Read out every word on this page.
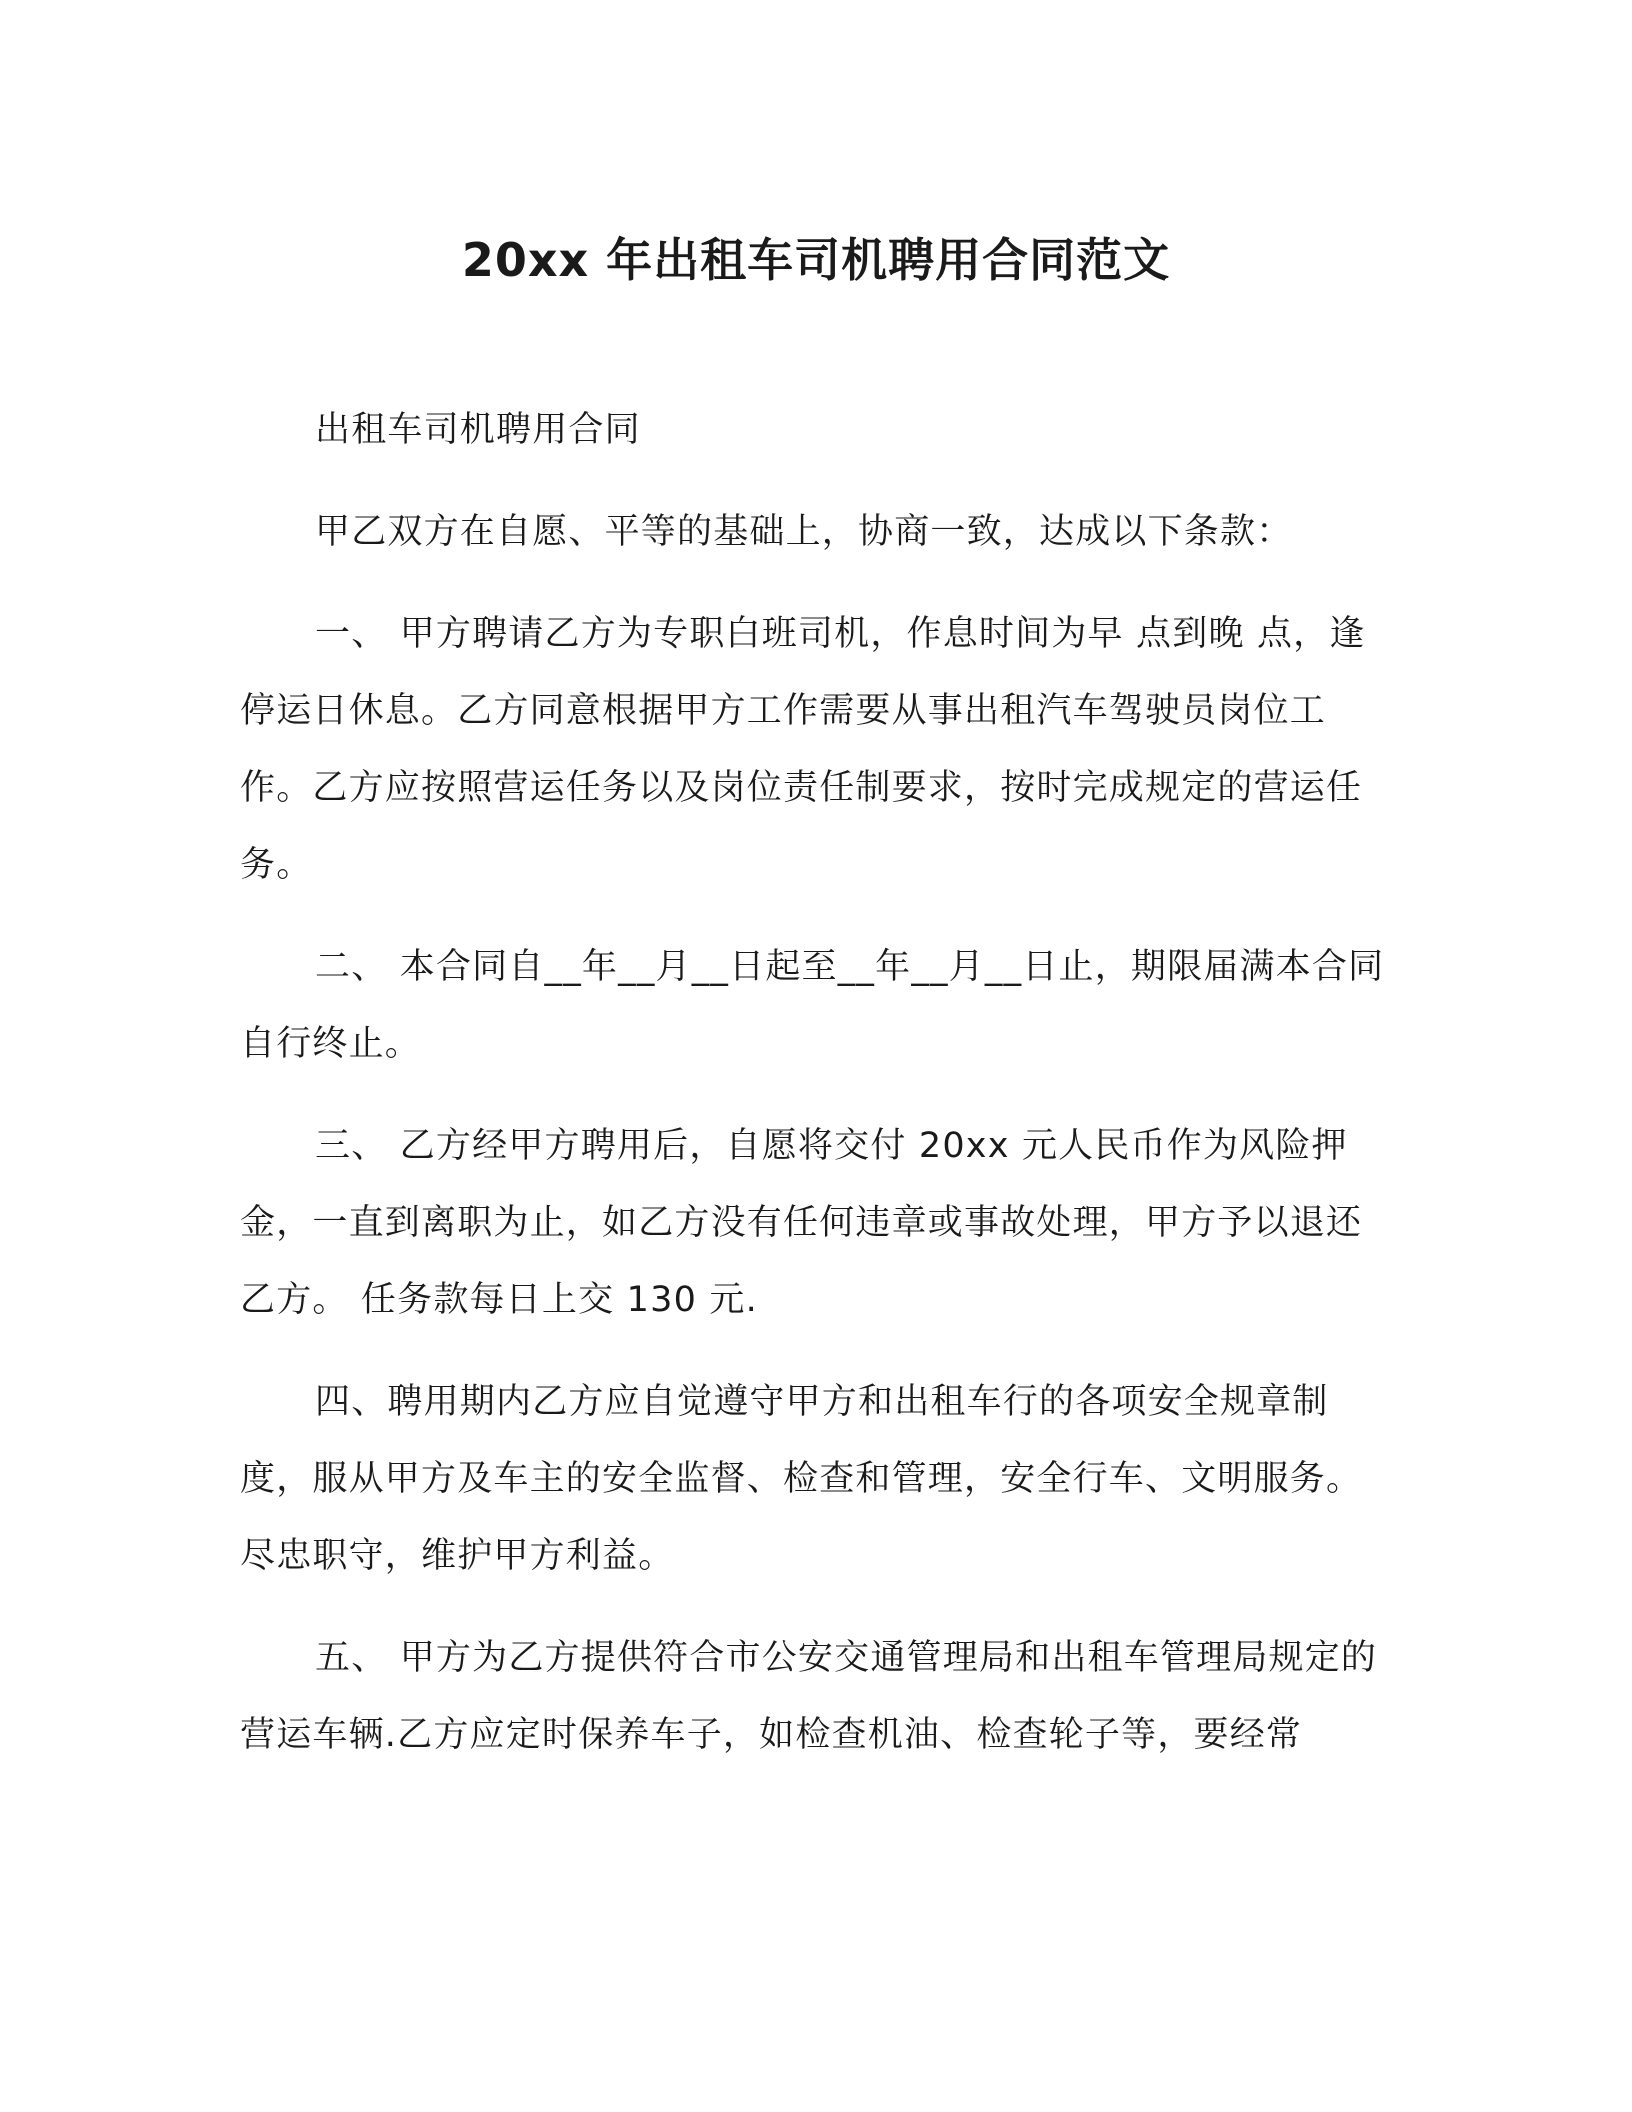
20xx 年出租车司机聘用合同范文

出租车司机聘用合同

甲乙双方在自愿、平等的基础上，协商一致，达成以下条款：

一、 甲方聘请乙方为专职白班司机，作息时间为早 点到晚 点，逢停运日休息。乙方同意根据甲方工作需要从事出租汽车驾驶员岗位工作。乙方应按照营运任务以及岗位责任制要求，按时完成规定的营运任务。

二、 本合同自__年__月__日起至__年__月__日止，期限届满本合同自行终止。

三、 乙方经甲方聘用后，自愿将交付 20xx 元人民币作为风险押金，一直到离职为止，如乙方没有任何违章或事故处理，甲方予以退还乙方。 任务款每日上交 130 元.

四、聘用期内乙方应自觉遵守甲方和出租车行的各项安全规章制度，服从甲方及车主的安全监督、检查和管理，安全行车、文明服务。尽忠职守，维护甲方利益。

五、 甲方为乙方提供符合市公安交通管理局和出租车管理局规定的营运车辆.乙方应定时保养车子，如检查机油、检查轮子等，要经常
